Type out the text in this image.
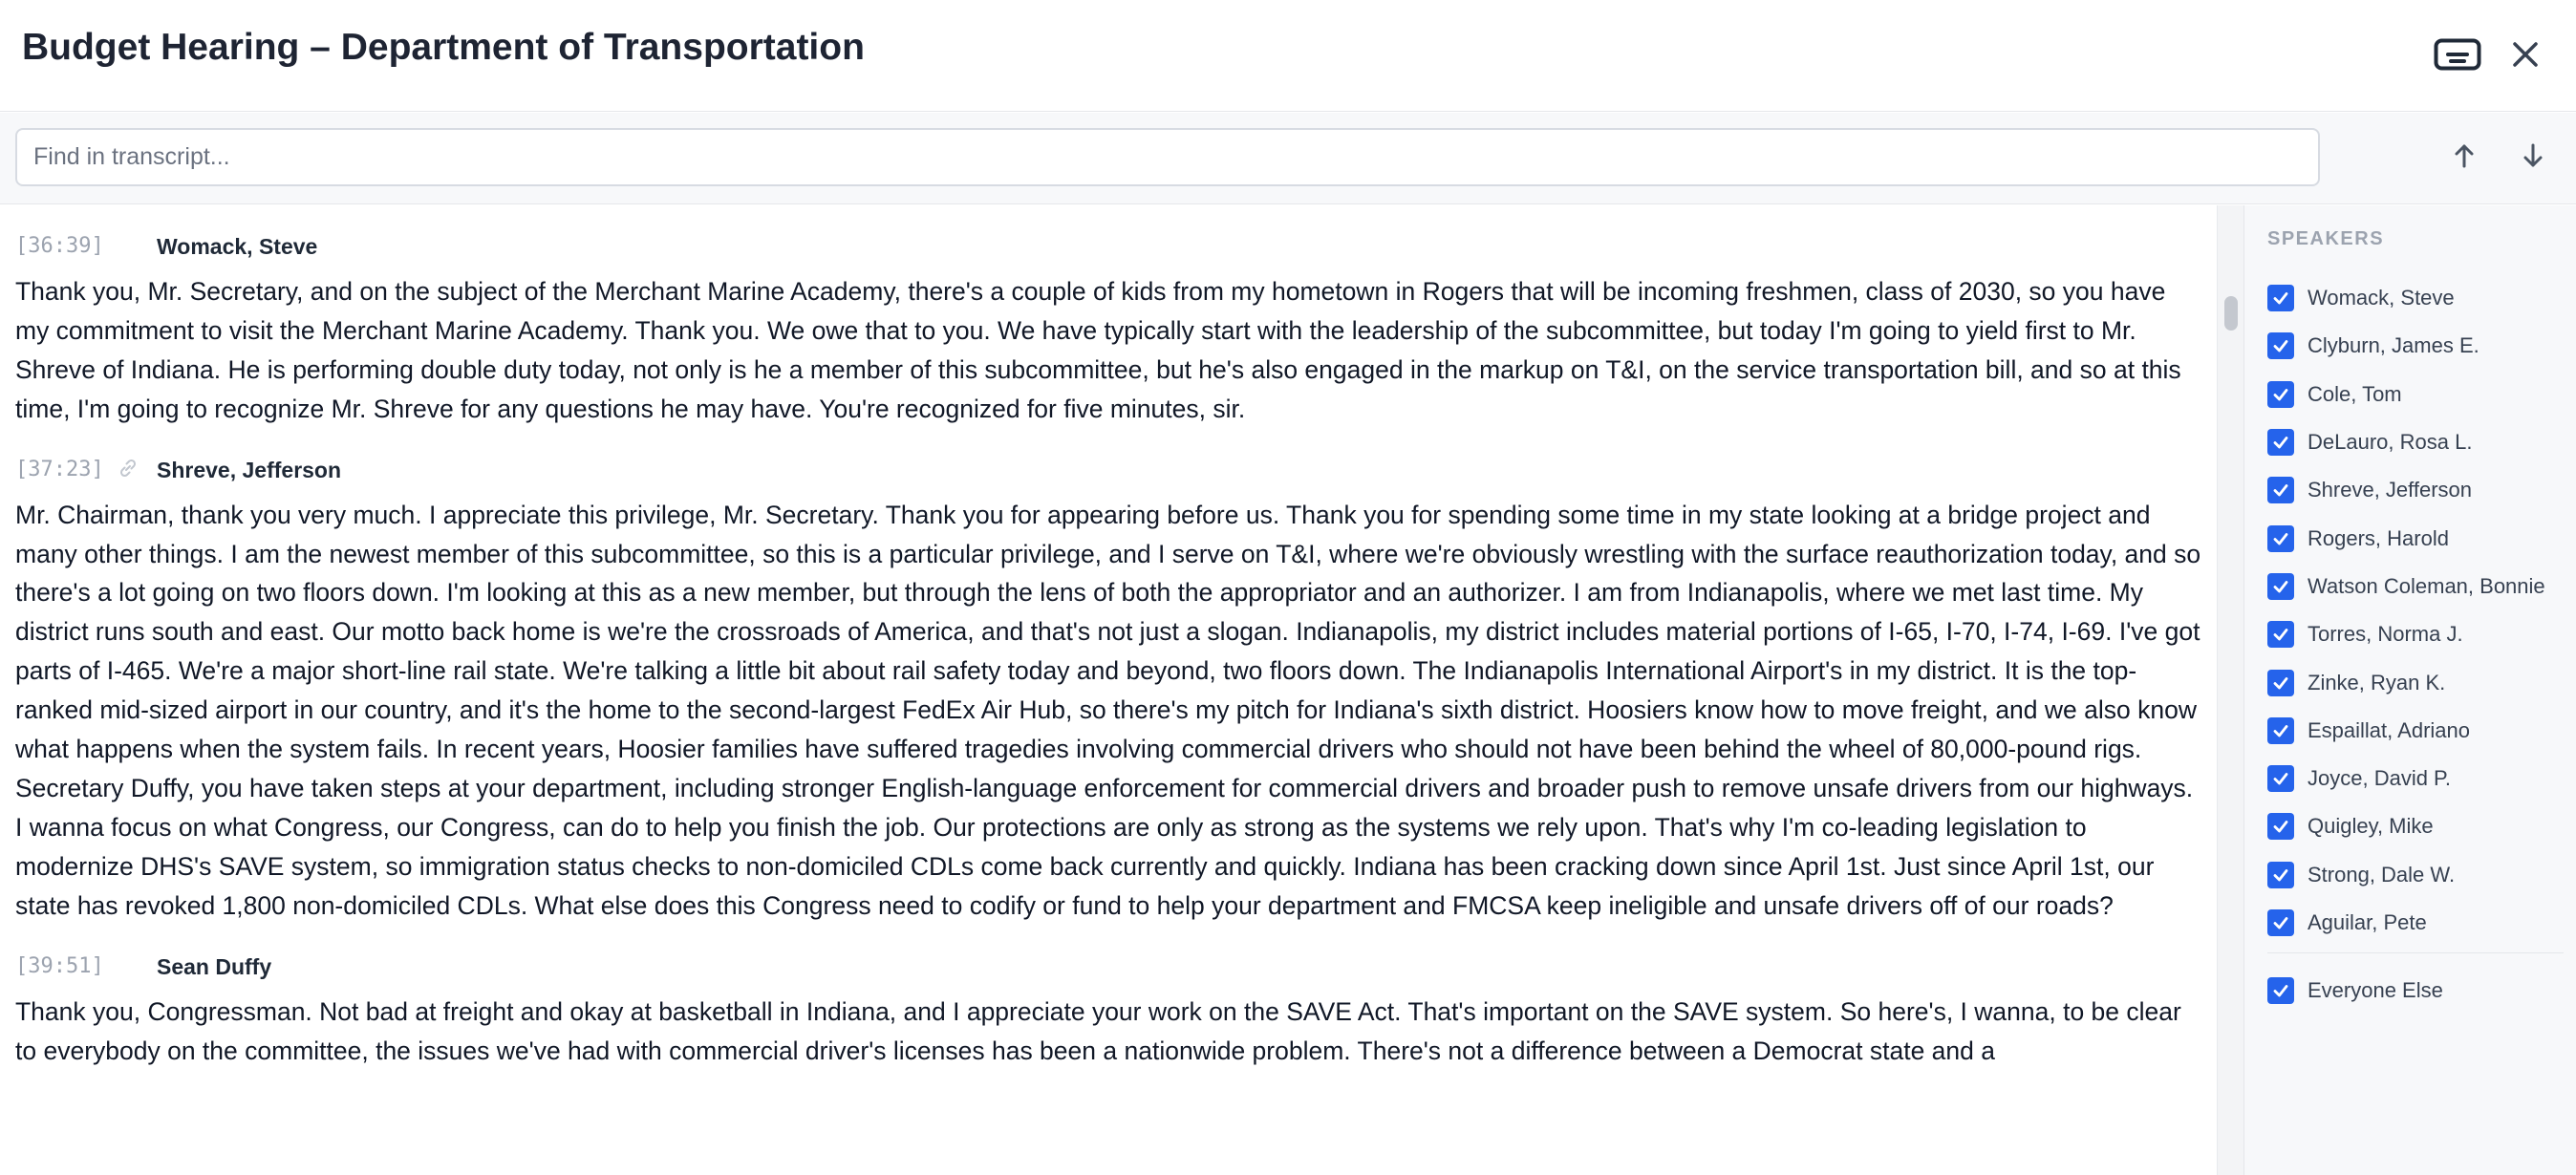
Budget Hearing – Department of Transportation
Find in transcript...
[36:39] Womack, Steve

Thank you, Mr. Secretary, and on the subject of the Merchant Marine Academy, there's a couple of kids from my hometown in Rogers that will be incoming freshmen, class of 2030, so you have my commitment to visit the Merchant Marine Academy. Thank you. We owe that to you. We have typically start with the leadership of the subcommittee, but today I'm going to yield first to Mr. Shreve of Indiana. He is performing double duty today, not only is he a member of this subcommittee, but he's also engaged in the markup on T&I, on the service transportation bill, and so at this time, I'm going to recognize Mr. Shreve for any questions he may have. You're recognized for five minutes, sir.

[37:23] Shreve, Jefferson

Mr. Chairman, thank you very much. I appreciate this privilege, Mr. Secretary. Thank you for appearing before us. Thank you for spending some time in my state looking at a bridge project and many other things. I am the newest member of this subcommittee, so this is a particular privilege, and I serve on T&I, where we're obviously wrestling with the surface reauthorization today, and so there's a lot going on two floors down. I'm looking at this as a new member, but through the lens of both the appropriator and an authorizer. I am from Indianapolis, where we met last time. My district runs south and east. Our motto back home is we're the crossroads of America, and that's not just a slogan. Indianapolis, my district includes material portions of I-65, I-70, I-74, I-69. I've got parts of I-465. We're a major short-line rail state. We're talking a little bit about rail safety today and beyond, two floors down. The Indianapolis International Airport's in my district. It is the top-ranked mid-sized airport in our country, and it's the home to the second-largest FedEx Air Hub, so there's my pitch for Indiana's sixth district. Hoosiers know how to move freight, and we also know what happens when the system fails. In recent years, Hoosier families have suffered tragedies involving commercial drivers who should not have been behind the wheel of 80,000-pound rigs. Secretary Duffy, you have taken steps at your department, including stronger English-language enforcement for commercial drivers and broader push to remove unsafe drivers from our highways. I wanna focus on what Congress, our Congress, can do to help you finish the job. Our protections are only as strong as the systems we rely upon. That's why I'm co-leading legislation to modernize DHS's SAVE system, so immigration status checks to non-domiciled CDLs come back currently and quickly. Indiana has been cracking down since April 1st. Just since April 1st, our state has revoked 1,800 non-domiciled CDLs. What else does this Congress need to codify or fund to help your department and FMCSA keep ineligible and unsafe drivers off of our roads?

[39:51] Sean Duffy

Thank you, Congressman. Not bad at freight and okay at basketball in Indiana, and I appreciate your work on the SAVE Act. That's important on the SAVE system. So here's, I wanna, to be clear to everybody on the committee, the issues we've had with commercial driver's licenses has been a nationwide problem. There's not a difference between a Democrat state and a

SPEAKERS
Womack, Steve
Clyburn, James E.
Cole, Tom
DeLauro, Rosa L.
Shreve, Jefferson
Rogers, Harold
Watson Coleman, Bonnie
Torres, Norma J.
Zinke, Ryan K.
Espaillat, Adriano
Joyce, David P.
Quigley, Mike
Strong, Dale W.
Aguilar, Pete
Everyone Else
